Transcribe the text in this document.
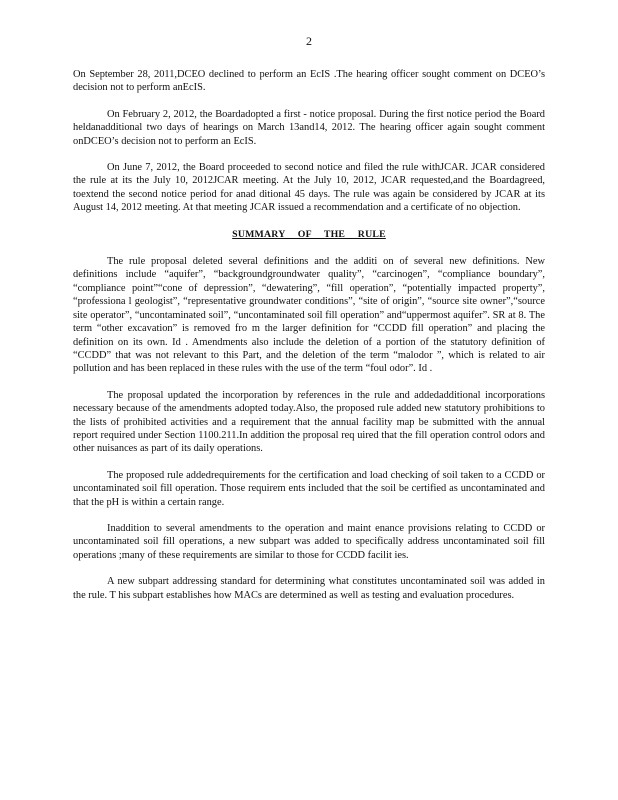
2

On September 28, 2011,DCEO declined to perform an EcIS .The hearing officer sought comment on DCEO’s decision not to perform anEcIS.

On February 2, 2012, the Boardadopted a first - notice proposal. During the first notice period the Board heldanadditional two days of hearings on March 13and14, 2012. The hearing officer again sought comment onDCEO’s decision not to perform an EcIS.

On June 7, 2012, the Board proceeded to second notice and filed the rule withJCAR. JCAR considered the rule at its the July 10, 2012JCAR meeting. At the July 10, 2012, JCAR requested,and the Boardagreed, toextend the second notice period for anad ditional 45 days. The rule was again be considered by JCAR at its August 14, 2012 meeting. At that meeting JCAR issued a recommendation and a certificate of no objection.

SUMMARY OF THE RULE

The rule proposal deleted several definitions and the additi on of several new definitions. New definitions include “aquifer”, “backgroundgroundwater quality”, “carcinogen”, “compliance boundary”, “compliance point”“cone of depression”, “dewatering”, “fill operation”, “potentially impacted property”, “professiona l geologist”, “representative groundwater conditions”, “site of origin”, “source site owner”,“source site operator”, “uncontaminated soil”, “uncontaminated soil fill operation” and“uppermost aquifer”. SR at 8. The term “other excavation” is removed fro m the larger definition for “CCDD fill operation” and placing the definition on its own. Id . Amendments also include the deletion of a portion of the statutory definition of “CCDD” that was not relevant to this Part, and the deletion of the term “malodor ”, which is related to air pollution and has been replaced in these rules with the use of the term “foul odor”. Id .

The proposal updated the incorporation by references in the rule and addedadditional incorporations necessary because of the amendments adopted today.Also, the proposed rule added new statutory prohibitions to the lists of prohibited activities and a requirement that the annual facility map be submitted with the annual report required under Section 1100.211.In addition the proposal req uired that the fill operation control odors and other nuisances as part of its daily operations.

The proposed rule addedrequirements for the certification and load checking of soil taken to a CCDD or uncontaminated soil fill operation. Those requirem ents included that the soil be certified as uncontaminated and that the pH is within a certain range.

Inaddition to several amendments to the operation and maint enance provisions relating to CCDD or uncontaminated soil fill operations, a new subpart was added to specifically address uncontaminated soil fill operations ;many of these requirements are similar to those for CCDD facilit ies.

A new subpart addressing standard for determining what constitutes uncontaminated soil was added in the rule. T his subpart establishes how MACs are determined as well as testing and evaluation procedures.
